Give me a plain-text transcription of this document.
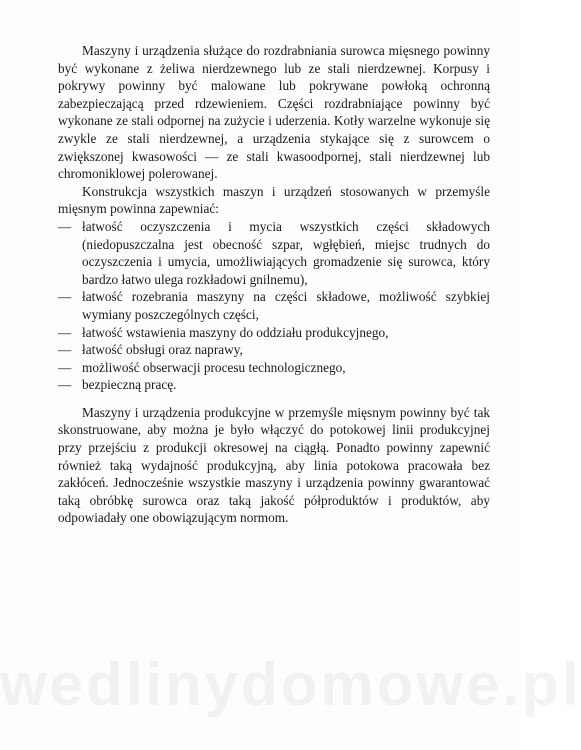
Maszyny i urządzenia służące do rozdrabniania surowca mięsnego powinny być wykonane z żeliwa nierdzewnego lub ze stali nierdzewnej. Korpusy i pokrywy powinny być malowane lub pokrywane powłoką ochronną zabezpieczającą przed rdzewieniem. Części rozdrabniające powinny być wykonane ze stali odpornej na zużycie i uderzenia. Kotły warzelne wykonuje się zwykle ze stali nierdzewnej, a urządzenia stykające się z surowcem o zwiększonej kwasowości — ze stali kwasoodpornej, stali nierdzewnej lub chromoniklowej polerowanej.

Konstrukcja wszystkich maszyn i urządzeń stosowanych w przemyśle mięsnym powinna zapewniać:

— łatwość oczyszczenia i mycia wszystkich części składowych (niedopuszczalna jest obecność szpar, wgłębień, miejsc trudnych do oczyszczenia i umycia, umożliwiających gromadzenie się surowca, który bardzo łatwo ulega rozkładowi gnilnemu),
— łatwość rozebrania maszyny na części składowe, możliwość szybkiej wymiany poszczególnych części,
— łatwość wstawienia maszyny do oddziału produkcyjnego,
— łatwość obsługi oraz naprawy,
— możliwość obserwacji procesu technologicznego,
— bezpieczną pracę.

Maszyny i urządzenia produkcyjne w przemyśle mięsnym powinny być tak skonstruowane, aby można je było włączyć do potokowej linii produkcyjnej przy przejściu z produkcji okresowej na ciągłą. Ponadto powinny zapewnić również taką wydajność produkcyjną, aby linia potokowa pracowała bez zakłóceń. Jednocześnie wszystkie maszyny i urządzenia powinny gwarantować taką obróbkę surowca oraz taką jakość półproduktów i produktów, aby odpowiadały one obowiązującym normom.

wedlinydomowe.pl
